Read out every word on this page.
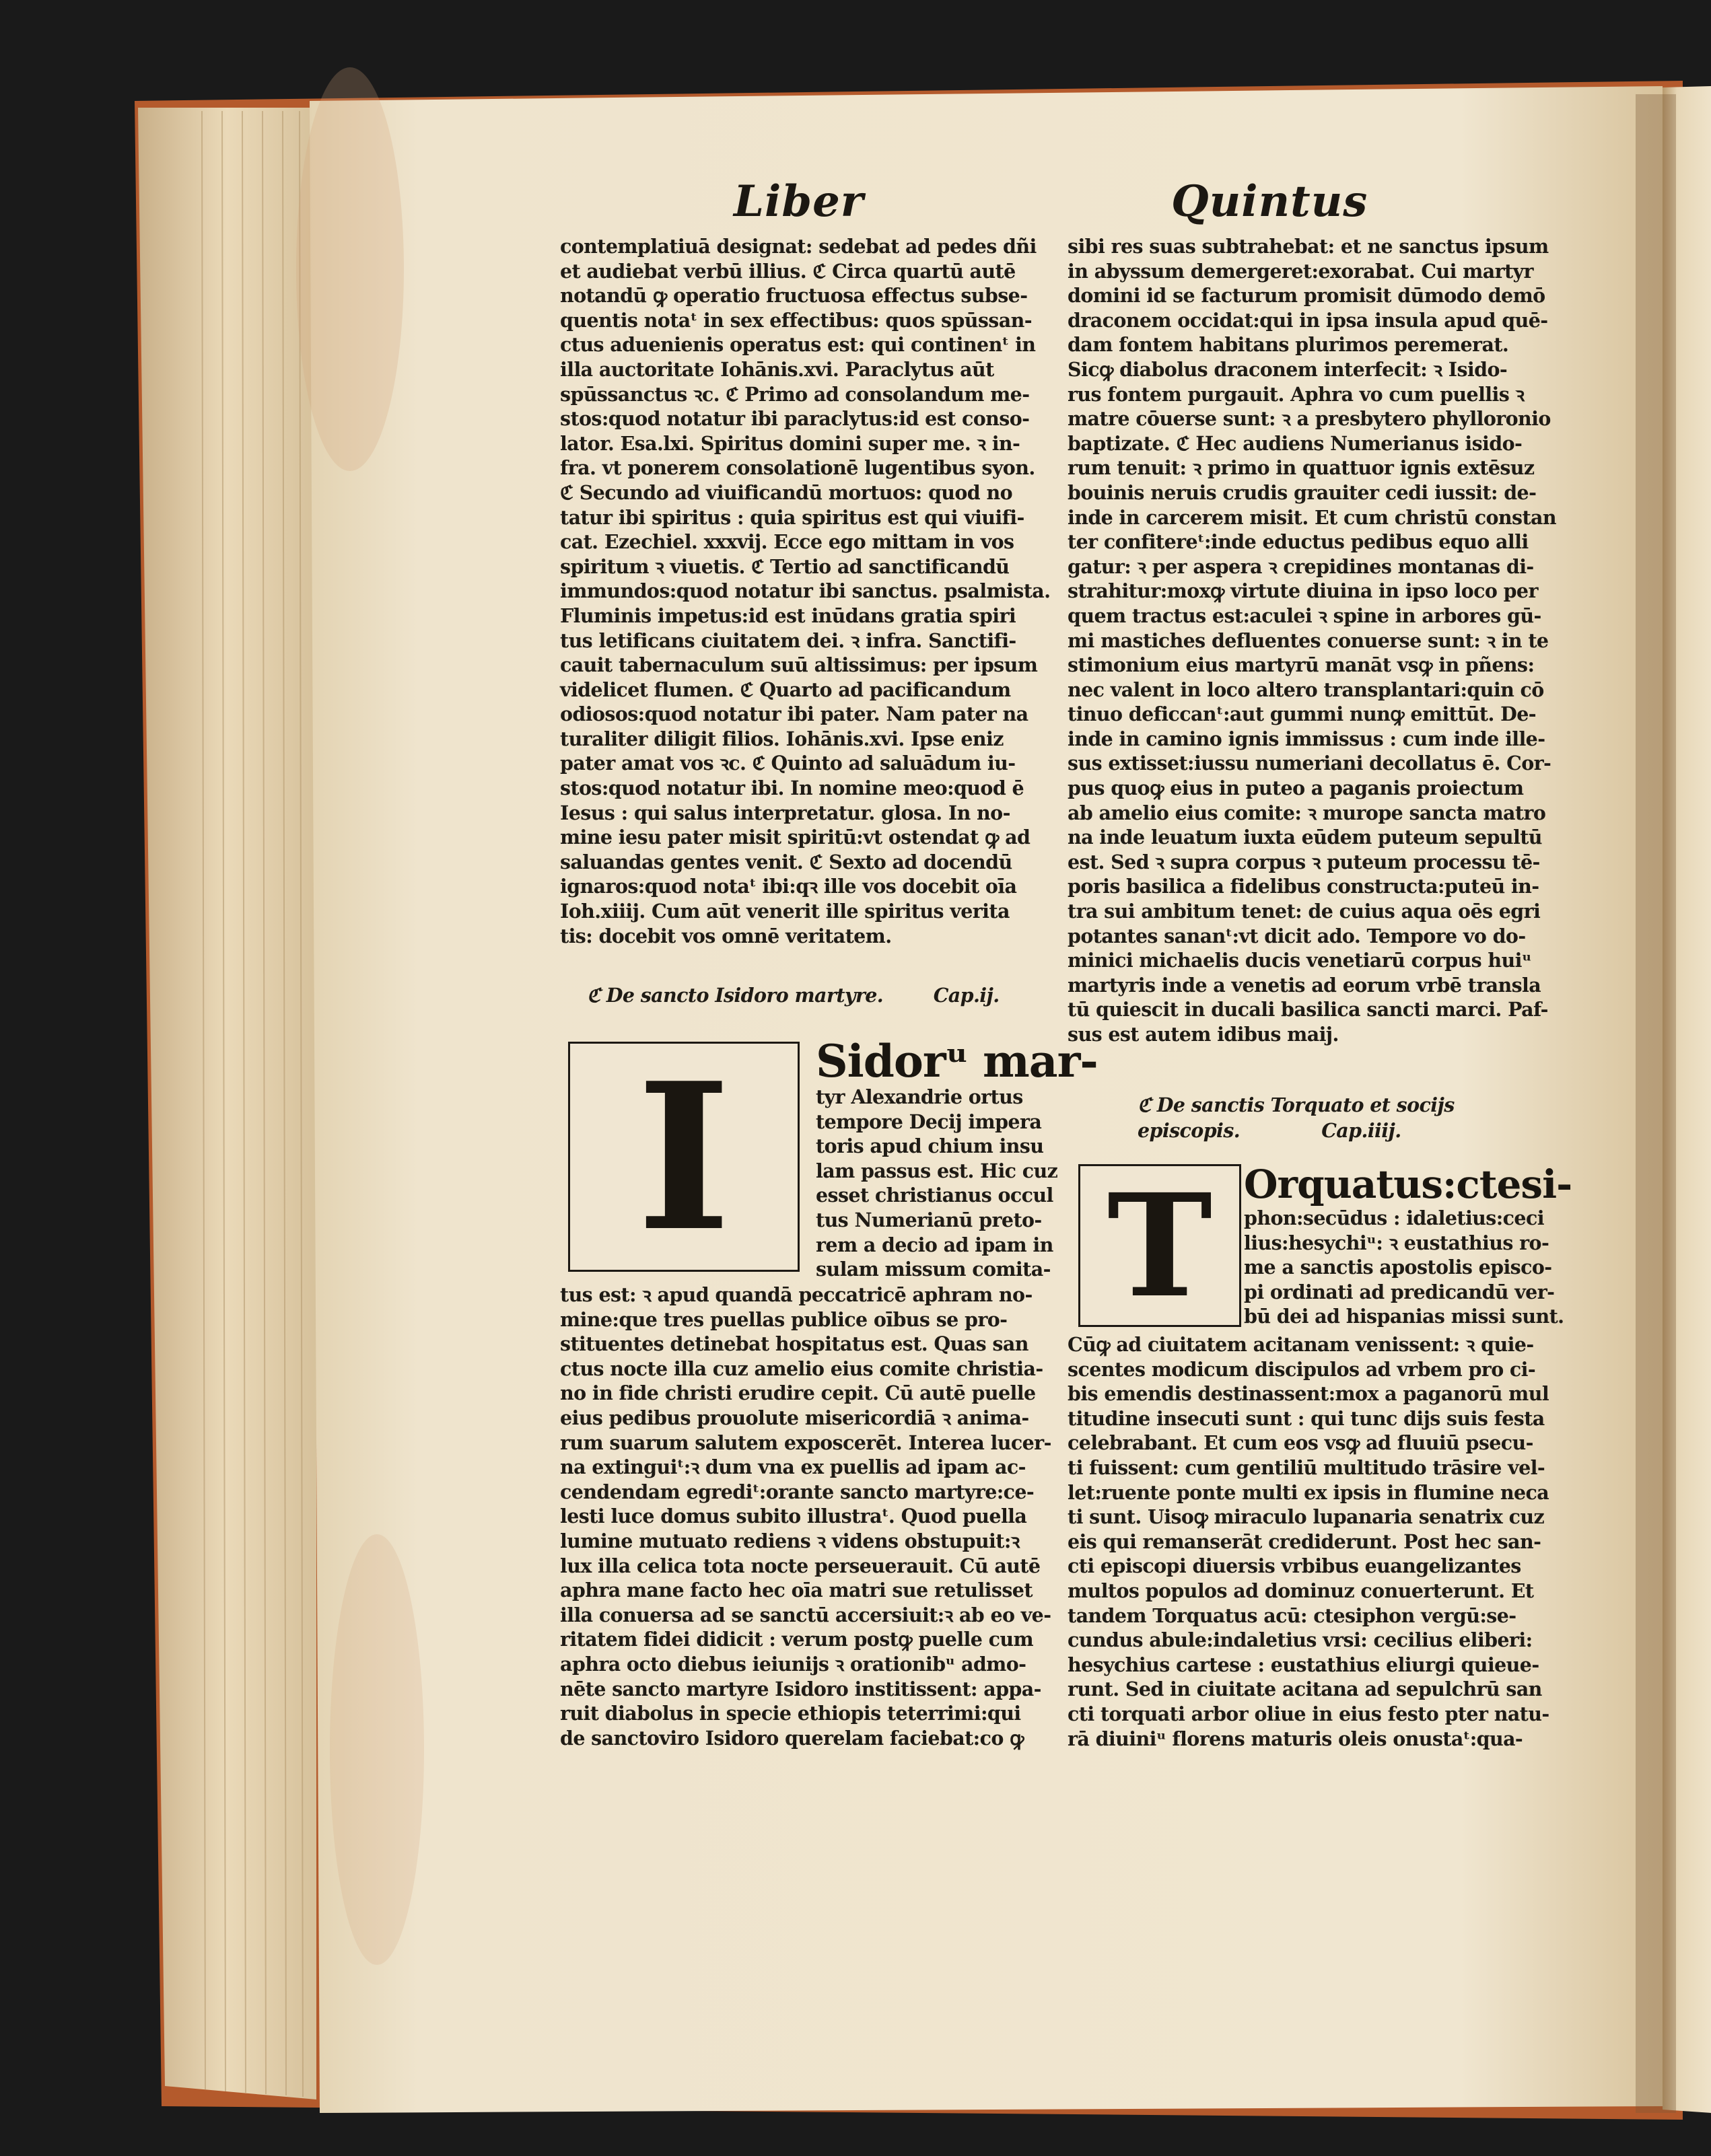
Liber	Quintus
contemplatiuā designat: sedebat ad pedes dñi
et audiebat verbū illius. ℭ Circa quartū autē
notandū ꝙ operatio fructuosa effectus subse-
quentis notaᵗ in sex effectibus: quos spūssan-
ctus aduenienis operatus est: qui continenᵗ in
illa auctoritate Iohānis.xvi. Paraclytus aūt
spūssanctus ꝛc. ℭ Primo ad consolandum me-
stos:quod notatur ibi paraclytus:id est conso-
lator. Esa.lxi. Spiritus domini super me. ꝛ in-
fra. vt ponerem consolationē lugentibus syon.
ℭ Secundo ad viuificandū mortuos: quod no
tatur ibi spiritus : quia spiritus est qui viuifi-
cat. Ezechiel. xxxvij. Ecce ego mittam in vos
spiritum ꝛ viuetis. ℭ Tertio ad sanctificandū
immundos:quod notatur ibi sanctus. psalmista.
Fluminis impetus:id est inūdans gratia spiri
tus letificans ciuitatem dei. ꝛ infra. Sanctifi-
cauit tabernaculum suū altissimus: per ipsum
videlicet flumen. ℭ Quarto ad pacificandum
odiosos:quod notatur ibi pater. Nam pater na
turaliter diligit filios. Iohānis.xvi. Ipse eniz
pater amat vos ꝛc. ℭ Quinto ad saluādum iu-
stos:quod notatur ibi. In nomine meo:quod ē
Iesus : qui salus interpretatur. glosa. In no-
mine iesu pater misit spiritū:vt ostendat ꝙ ad
saluandas gentes venit. ℭ Sexto ad docendū
ignaros:quod notaᵗ ibi:qꝛ ille vos docebit oīa
Ioh.xiiij. Cum aūt venerit ille spiritus verita
tis: docebit vos omnē veritatem.
ℭ De sancto Isidoro martyre.        Cap.ij.
I	Sidorᵘ mar-
tyr Alexandrie ortus
tempore Decij impera
toris apud chium insu
lam passus est. Hic cuz
esset christianus occul
tus Numerianū preto-
rem a decio ad ipam in
sulam missum comita-
tus est: ꝛ apud quandā peccatricē aphram no-
mine:que tres puellas publice oībus se pro-
stituentes detinebat hospitatus est. Quas san
ctus nocte illa cuz amelio eius comite christia-
no in fide christi erudire cepit. Cū autē puelle
eius pedibus prouolute misericordiā ꝛ anima-
rum suarum salutem exposcerēt. Interea lucer-
na extinguiᵗ:ꝛ dum vna ex puellis ad ipam ac-
cendendam egrediᵗ:orante sancto martyre:ce-
lesti luce domus subito illustraᵗ. Quod puella
lumine mutuato rediens ꝛ videns obstupuit:ꝛ
lux illa celica tota nocte perseuerauit. Cū autē
aphra mane facto hec oīa matri sue retulisset
illa conuersa ad se sanctū accersiuit:ꝛ ab eo ve-
ritatem fidei didicit : verum postꝙ puelle cum
aphra octo diebus ieiunijs ꝛ orationibᵘ admo-
nēte sancto martyre Isidoro institissent: appa-
ruit diabolus in specie ethiopis teterrimi:qui
de sanctoviro Isidoro querelam faciebat:co ꝙ
sibi res suas subtrahebat: et ne sanctus ipsum
in abyssum demergeret:exorabat. Cui martyr
domini id se facturum promisit dūmodo demō
draconem occidat:qui in ipsa insula apud quē-
dam fontem habitans plurimos peremerat.
Sicꝙ diabolus draconem interfecit: ꝛ Isido-
rus fontem purgauit. Aphra vo cum puellis ꝛ
matre cōuerse sunt: ꝛ a presbytero phylloronio
baptizate. ℭ Hec audiens Numerianus isido-
rum tenuit: ꝛ primo in quattuor ignis extēsuz
bouinis neruis crudis grauiter cedi iussit: de-
inde in carcerem misit. Et cum christū constan
ter confitereᵗ:inde eductus pedibus equo alli
gatur: ꝛ per aspera ꝛ crepidines montanas di-
strahitur:moxꝙ virtute diuina in ipso loco per
quem tractus est:aculei ꝛ spine in arbores gū-
mi mastiches defluentes conuerse sunt: ꝛ in te
stimonium eius martyrū manāt vsꝙ in pñens:
nec valent in loco altero transplantari:quin cō
tinuo deficcanᵗ:aut gummi nunꝙ emittūt. De-
inde in camino ignis immissus : cum inde ille-
sus extisset:iussu numeriani decollatus ē. Cor-
pus quoꝙ eius in puteo a paganis proiectum
ab amelio eius comite: ꝛ murope sancta matro
na inde leuatum iuxta eūdem puteum sepultū
est. Sed ꝛ supra corpus ꝛ puteum processu tē-
poris basilica a fidelibus constructa:puteū in-
tra sui ambitum tenet: de cuius aqua oēs egri
potantes sananᵗ:vt dicit ado. Tempore vo do-
minici michaelis ducis venetiarū corpus huiᵘ
martyris inde a venetis ad eorum vrbē transla
tū quiescit in ducali basilica sancti marci. Paf-
sus est autem idibus maij.
ℭ De sanctis Torquato et socijs
episcopis.             Cap.iiij.
T Orquatus:ctesi-
phon:secūdus : idaletius:ceci
lius:hesychiᵘ: ꝛ eustathius ro-
me a sanctis apostolis episco-
pi ordinati ad predicandū ver-
bū dei ad hispanias missi sunt.
Cūꝙ ad ciuitatem acitanam venissent: ꝛ quie-
scentes modicum discipulos ad vrbem pro ci-
bis emendis destinassent:mox a paganorū mul
titudine insecuti sunt : qui tunc dijs suis festa
celebrabant. Et cum eos vsꝙ ad fluuiū psecu-
ti fuissent: cum gentiliū multitudo trāsire vel-
let:ruente ponte multi ex ipsis in flumine neca
ti sunt. Uisoꝙ miraculo lupanaria senatrix cuz
eis qui remanserāt crediderunt. Post hec san-
cti episcopi diuersis vrbibus euangelizantes
multos populos ad dominuz conuerterunt. Et
tandem Torquatus acū: ctesiphon vergū:se-
cundus abule:indaletius vrsi: cecilius eliberi:
hesychius cartese : eustathius eliurgi quieue-
runt. Sed in ciuitate acitana ad sepulchrū san
cti torquati arbor oliue in eius festo pter natu-
rā diuiniᵘ florens maturis oleis onustaᵗ:qua-
